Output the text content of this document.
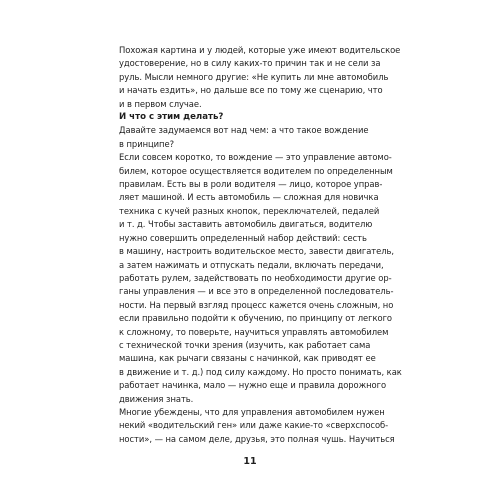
Похожая картина и у людей, которые уже имеют водительское
удостоверение, но в силу каких-то причин так и не сели за
руль. Мысли немного другие: «Не купить ли мне автомобиль
и начать ездить», но дальше все по тому же сценарию, что
и в первом случае.

И что с этим делать?

Давайте задумаемся вот над чем: а что такое вождение
в принципе?

Если совсем коротко, то вождение — это управление автомо-
билем, которое осуществляется водителем по определенным
правилам. Есть вы в роли водителя — лицо, которое управ-
ляет машиной. И есть автомобиль — сложная для новичка
техника с кучей разных кнопок, переключателей, педалей
и т. д. Чтобы заставить автомобиль двигаться, водителю
нужно совершить определенный набор действий: сесть
в машину, настроить водительское место, завести двигатель,
а затем нажимать и отпускать педали, включать передачи,
работать рулем, задействовать по необходимости другие ор-
ганы управления — и все это в определенной последователь-
ности. На первый взгляд процесс кажется очень сложным, но
если правильно подойти к обучению, по принципу от легкого
к сложному, то поверьте, научиться управлять автомобилем
с технической точки зрения (изучить, как работает сама
машина, как рычаги связаны с начинкой, как приводят ее
в движение и т. д.) под силу каждому. Но просто понимать, как
работает начинка, мало — нужно еще и правила дорожного
движения знать.

Многие убеждены, что для управления автомобилем нужен
некий «водительский ген» или даже какие-то «сверхспособ-
ности», — на самом деле, друзья, это полная чушь. Научиться

11
